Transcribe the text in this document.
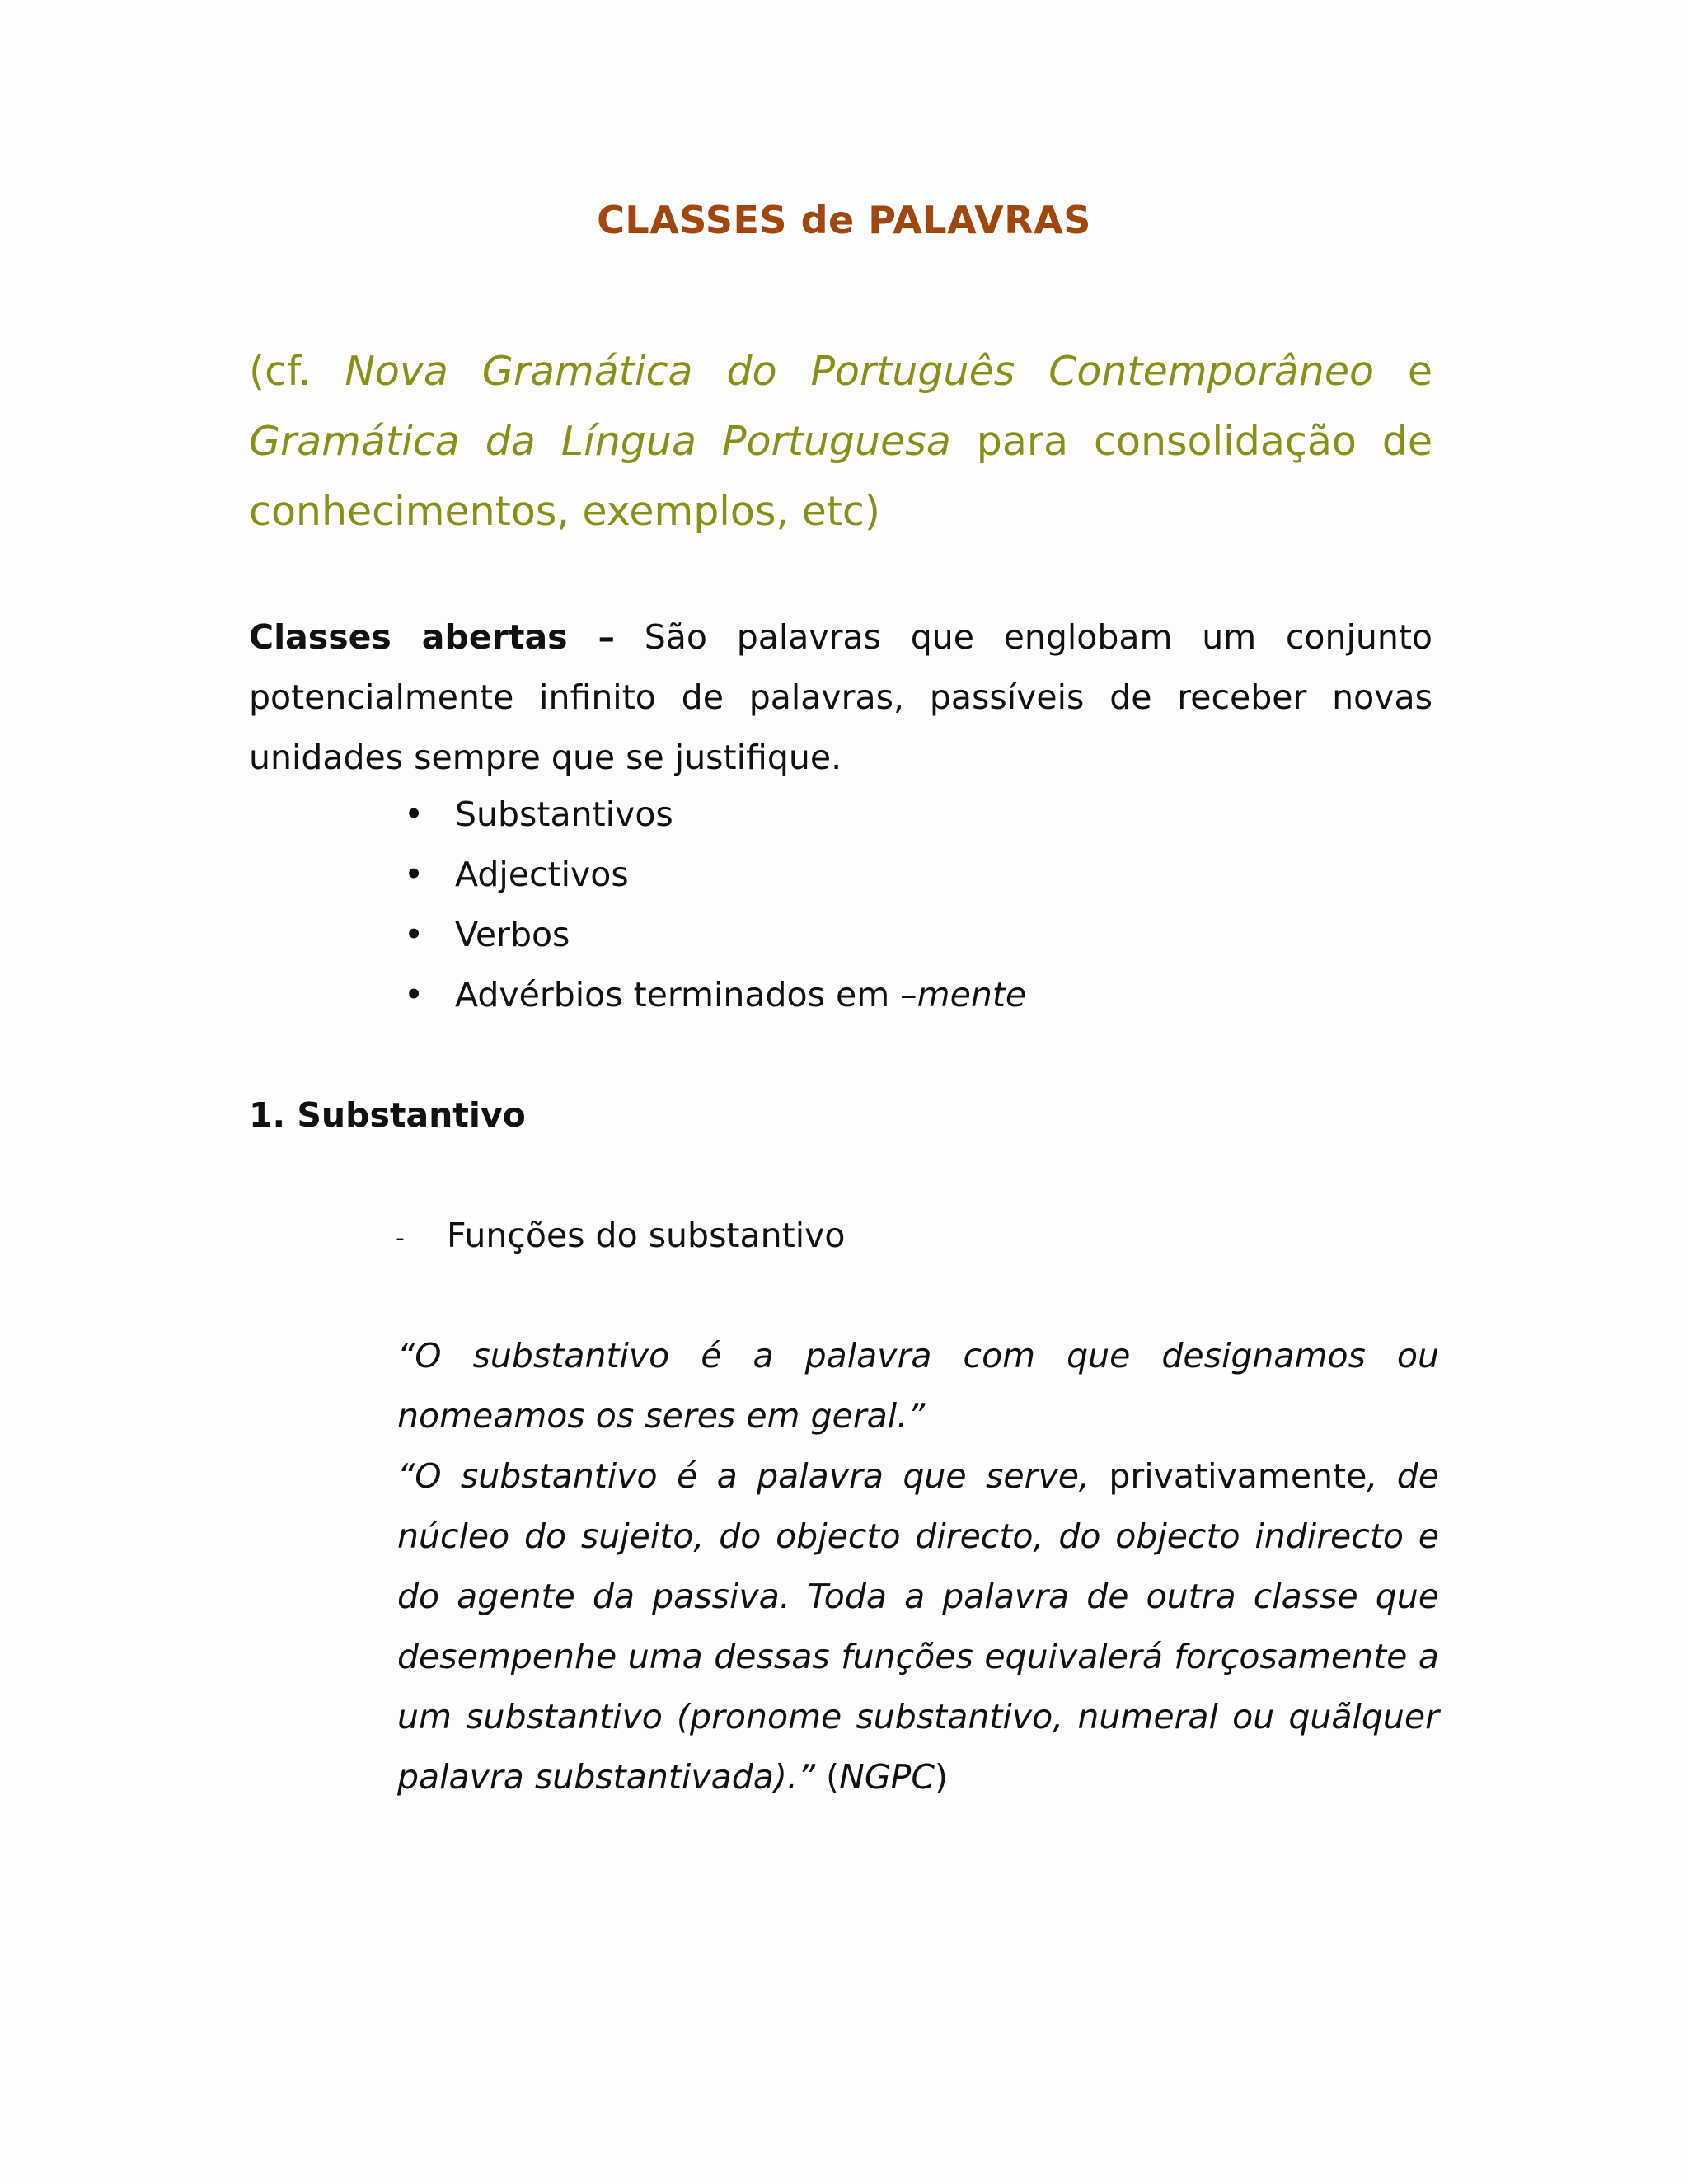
CLASSES de PALAVRAS
(cf. Nova Gramática do Português Contemporâneo e
Gramática da Língua Portuguesa para consolidação de
conhecimentos, exemplos, etc)
Classes abertas – São palavras que englobam um conjunto
potencialmente infinito de palavras, passíveis de receber novas
unidades sempre que se justifique.
• Substantivos
• Adjectivos
• Verbos
• Advérbios terminados em –mente
1. Substantivo
- Funções do substantivo
“O substantivo é a palavra com que designamos ou
nomeamos os seres em geral.”
“O substantivo é a palavra que serve, privativamente, de
núcleo do sujeito, do objecto directo, do objecto indirecto e
do agente da passiva. Toda a palavra de outra classe que
desempenhe uma dessas funções equivalerá forçosamente a
um substantivo (pronome substantivo, numeral ou quãlquer
palavra substantivada).” (NGPC)
